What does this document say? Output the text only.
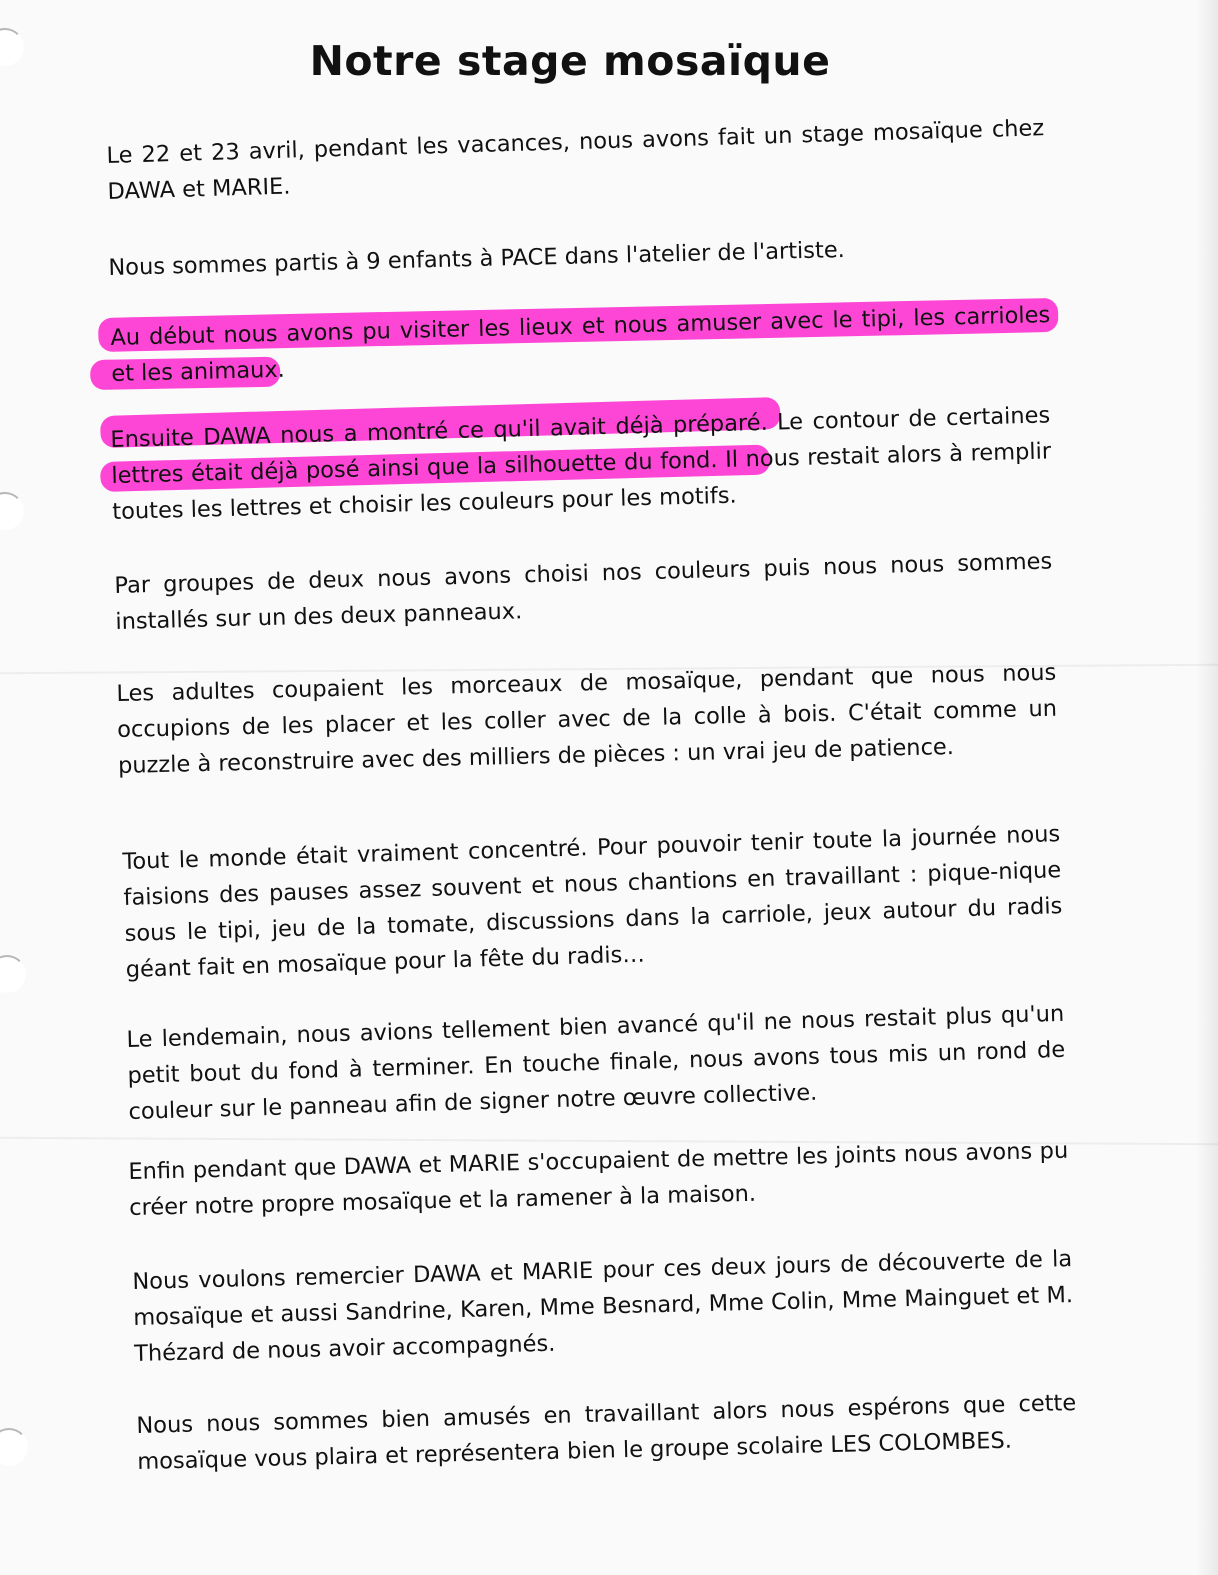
Notre stage mosaïque

Le 22 et 23 avril, pendant les vacances, nous avons fait un stage mosaïque chez DAWA et MARIE.

Nous sommes partis à 9 enfants à PACE dans l'atelier de l'artiste.

Au début nous avons pu visiter les lieux et nous amuser avec le tipi, les carrioles et les animaux.

Ensuite DAWA nous a montré ce qu'il avait déjà préparé. Le contour de certaines lettres était déjà posé ainsi que la silhouette du fond. Il nous restait alors à remplir toutes les lettres et choisir les couleurs pour les motifs.

Par groupes de deux nous avons choisi nos couleurs puis nous nous sommes installés sur un des deux panneaux.

Les adultes coupaient les morceaux de mosaïque, pendant que nous nous occupions de les placer et les coller avec de la colle à bois. C'était comme un puzzle à reconstruire avec des milliers de pièces : un vrai jeu de patience.

Tout le monde était vraiment concentré. Pour pouvoir tenir toute la journée nous faisions des pauses assez souvent et nous chantions en travaillant : pique-nique sous le tipi, jeu de la tomate, discussions dans la carriole, jeux autour du radis géant fait en mosaïque pour la fête du radis…

Le lendemain, nous avions tellement bien avancé qu'il ne nous restait plus qu'un petit bout du fond à terminer. En touche finale, nous avons tous mis un rond de couleur sur le panneau afin de signer notre œuvre collective.

Enfin pendant que DAWA et MARIE s'occupaient de mettre les joints nous avons pu créer notre propre mosaïque et la ramener à la maison.

Nous voulons remercier DAWA et MARIE pour ces deux jours de découverte de la mosaïque et aussi Sandrine, Karen, Mme Besnard, Mme Colin, Mme Mainguet et M. Thézard de nous avoir accompagnés.

Nous nous sommes bien amusés en travaillant alors nous espérons que cette mosaïque vous plaira et représentera bien le groupe scolaire LES COLOMBES.
